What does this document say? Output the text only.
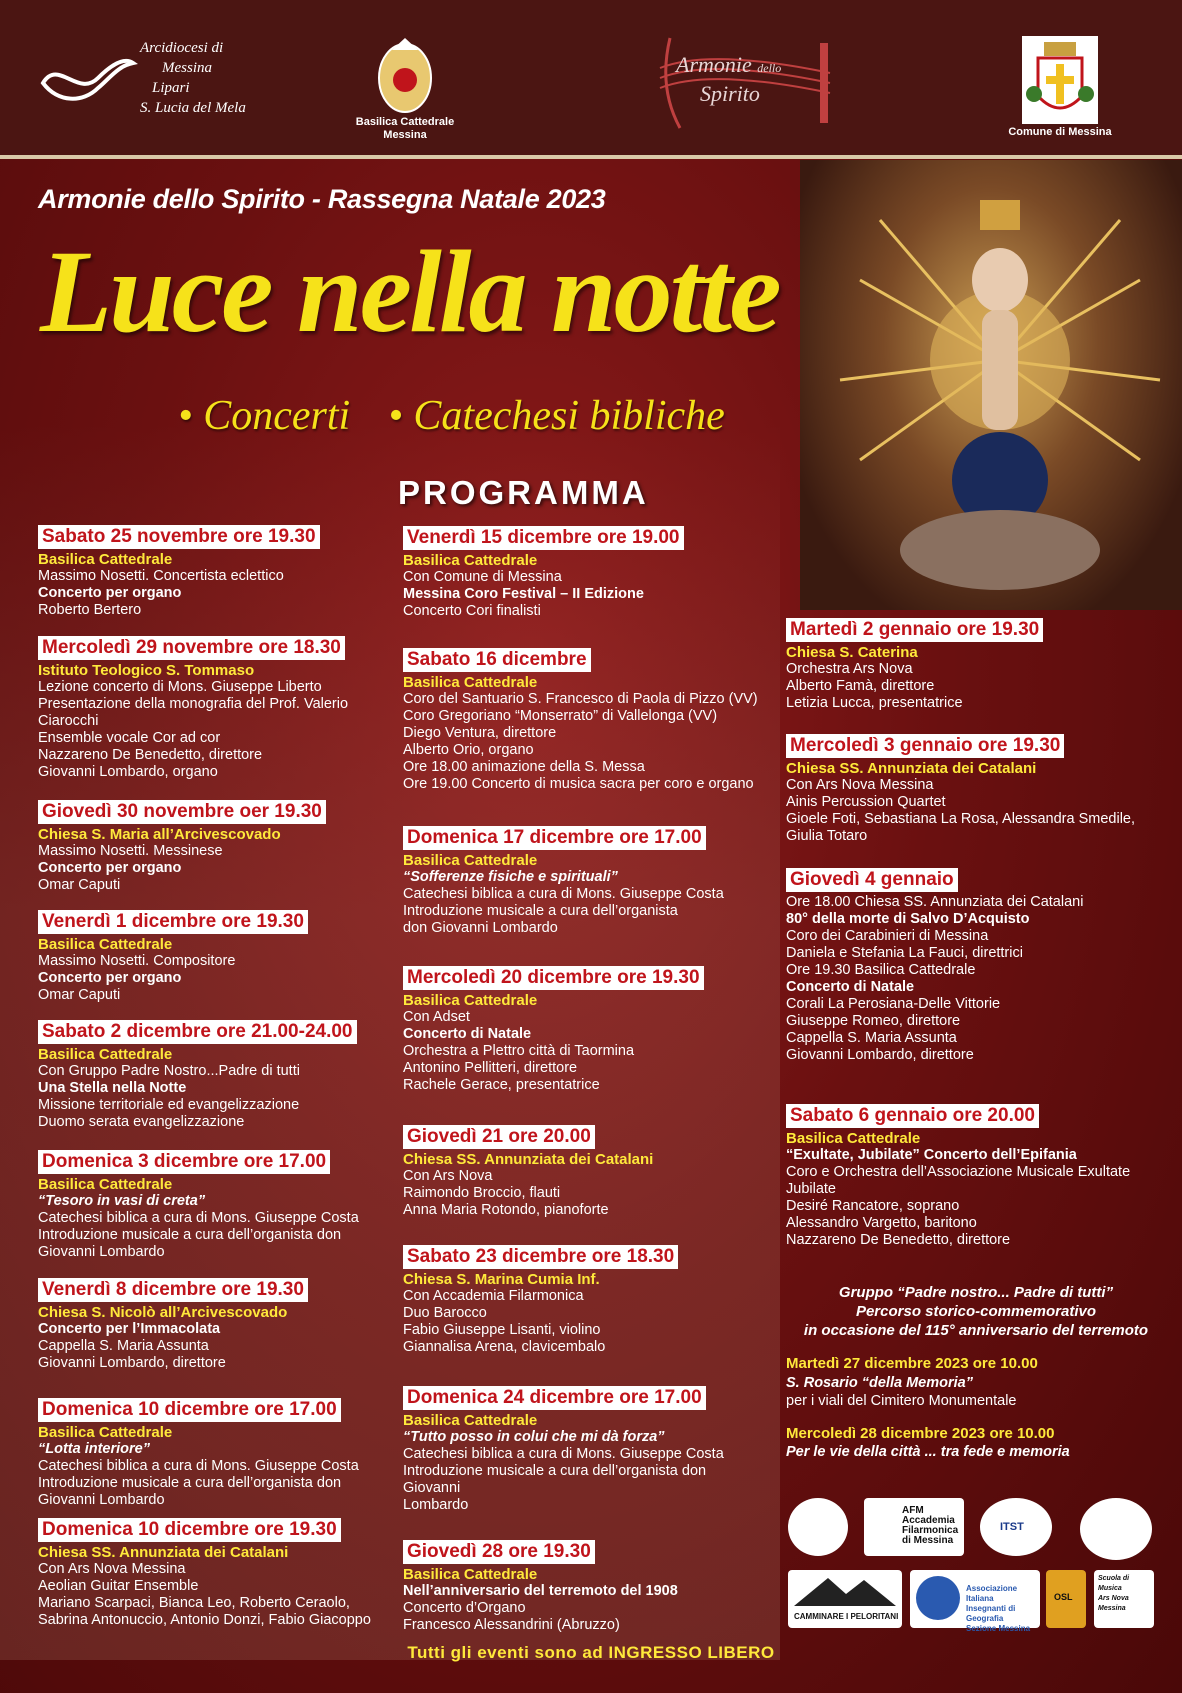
Arcidiocesi di
Messina
Lipari
S. Lucia del Mela
Basilica Cattedrale
Messina
Armonie dello
Spirito
Comune di Messina
Armonie dello Spirito - Rassegna Natale 2023
Luce nella notte
• Concerti • Catechesi bibliche
PROGRAMMA
Sabato 25 novembre ore 19.30
Basilica Cattedrale
Massimo Nosetti. Concertista eclettico
Concerto per organo
Roberto Bertero
Mercoledì 29 novembre ore 18.30
Istituto Teologico S. Tommaso
Lezione concerto di Mons. Giuseppe Liberto
Presentazione della monografia del Prof. Valerio
Ciarocchi
Ensemble vocale Cor ad cor
Nazzareno De Benedetto, direttore
Giovanni Lombardo, organo
Giovedì 30 novembre oer 19.30
Chiesa S. Maria all’Arcivescovado
Massimo Nosetti. Messinese
Concerto per organo
Omar Caputi
Venerdì 1 dicembre ore 19.30
Basilica Cattedrale
Massimo Nosetti. Compositore
Concerto per organo
Omar Caputi
Sabato 2 dicembre ore 21.00-24.00
Basilica Cattedrale
Con Gruppo Padre Nostro...Padre di tutti
Una Stella nella Notte
Missione territoriale ed evangelizzazione
Duomo serata evangelizzazione
Domenica 3 dicembre ore 17.00
Basilica Cattedrale
“Tesoro in vasi di creta”
Catechesi biblica a cura di Mons. Giuseppe Costa
Introduzione musicale a cura dell’organista don
Giovanni Lombardo
Venerdì 8 dicembre ore 19.30
Chiesa S. Nicolò all’Arcivescovado
Concerto per l’Immacolata
Cappella S. Maria Assunta
Giovanni Lombardo, direttore
Domenica 10 dicembre ore 17.00
Basilica Cattedrale
“Lotta interiore”
Catechesi biblica a cura di Mons. Giuseppe Costa
Introduzione musicale a cura dell’organista don
Giovanni Lombardo
Domenica 10 dicembre ore 19.30
Chiesa SS. Annunziata dei Catalani
Con Ars Nova Messina
Aeolian Guitar Ensemble
Mariano Scarpaci, Bianca Leo, Roberto Ceraolo,
Sabrina Antonuccio, Antonio Donzi, Fabio Giacoppo
Venerdì 15 dicembre ore 19.00
Basilica Cattedrale
Con Comune di Messina
Messina Coro Festival – II Edizione
Concerto Cori finalisti
Sabato 16 dicembre
Basilica Cattedrale
Coro del Santuario S. Francesco di Paola di Pizzo (VV)
Coro Gregoriano “Monserrato” di Vallelonga (VV)
Diego Ventura, direttore
Alberto Orio, organo
Ore 18.00 animazione della S. Messa
Ore 19.00 Concerto di musica sacra per coro e organo
Domenica 17 dicembre ore 17.00
Basilica Cattedrale
“Sofferenze fisiche e spirituali”
Catechesi biblica a cura di Mons. Giuseppe Costa
Introduzione musicale a cura dell’organista
don Giovanni Lombardo
Mercoledì 20 dicembre ore 19.30
Basilica Cattedrale
Con Adset
Concerto di Natale
Orchestra a Plettro città di Taormina
Antonino Pellitteri, direttore
Rachele Gerace, presentatrice
Giovedì 21 ore 20.00
Chiesa SS. Annunziata dei Catalani
Con Ars Nova
Raimondo Broccio, flauti
Anna Maria Rotondo, pianoforte
Sabato 23 dicembre ore 18.30
Chiesa S. Marina Cumia Inf.
Con Accademia Filarmonica
Duo Barocco
Fabio Giuseppe Lisanti, violino
Giannalisa Arena, clavicembalo
Domenica 24 dicembre ore 17.00
Basilica Cattedrale
“Tutto posso in colui che mi dà forza”
Catechesi biblica a cura di Mons. Giuseppe Costa
Introduzione musicale a cura dell’organista don Giovanni
Lombardo
Giovedì 28 ore 19.30
Basilica Cattedrale
Nell’anniversario del terremoto del 1908
Concerto d’Organo
Francesco Alessandrini (Abruzzo)
Martedì 2 gennaio ore 19.30
Chiesa S. Caterina
Orchestra Ars Nova
Alberto Famà, direttore
Letizia Lucca, presentatrice
Mercoledì 3 gennaio ore 19.30
Chiesa SS. Annunziata dei Catalani
Con Ars Nova Messina
Ainis Percussion Quartet
Gioele Foti, Sebastiana La Rosa, Alessandra Smedile,
Giulia Totaro
Giovedì 4 gennaio
Ore 18.00 Chiesa SS. Annunziata dei Catalani
80° della morte di Salvo D’Acquisto
Coro dei Carabinieri di Messina
Daniela e Stefania La Fauci, direttrici
Ore 19.30 Basilica Cattedrale
Concerto di Natale
Corali La Perosiana-Delle Vittorie
Giuseppe Romeo, direttore
Cappella S. Maria Assunta
Giovanni Lombardo, direttore
Sabato 6 gennaio ore 20.00
Basilica Cattedrale
“Exultate, Jubilate” Concerto dell’Epifania
Coro e Orchestra dell’Associazione Musicale Exultate
Jubilate
Desiré Rancatore, soprano
Alessandro Vargetto, baritono
Nazzareno De Benedetto, direttore
Gruppo “Padre nostro... Padre di tutti”
Percorso storico-commemorativo
in occasione del 115° anniversario del terremoto
Martedì 27 dicembre 2023 ore 10.00
S. Rosario “della Memoria”
per i viali del Cimitero Monumentale
Mercoledì 28 dicembre 2023 ore 10.00
Per le vie della città ... tra fede e memoria
AFM
Accademia
Filarmonica
di Messina
ITST
CAMMINARE I PELORITANI
Associazione Italiana
Insegnanti di Geografia
Sezione Messina
OSL
Scuola di Musica
Ars Nova Messina
Tutti gli eventi sono ad INGRESSO LIBERO
